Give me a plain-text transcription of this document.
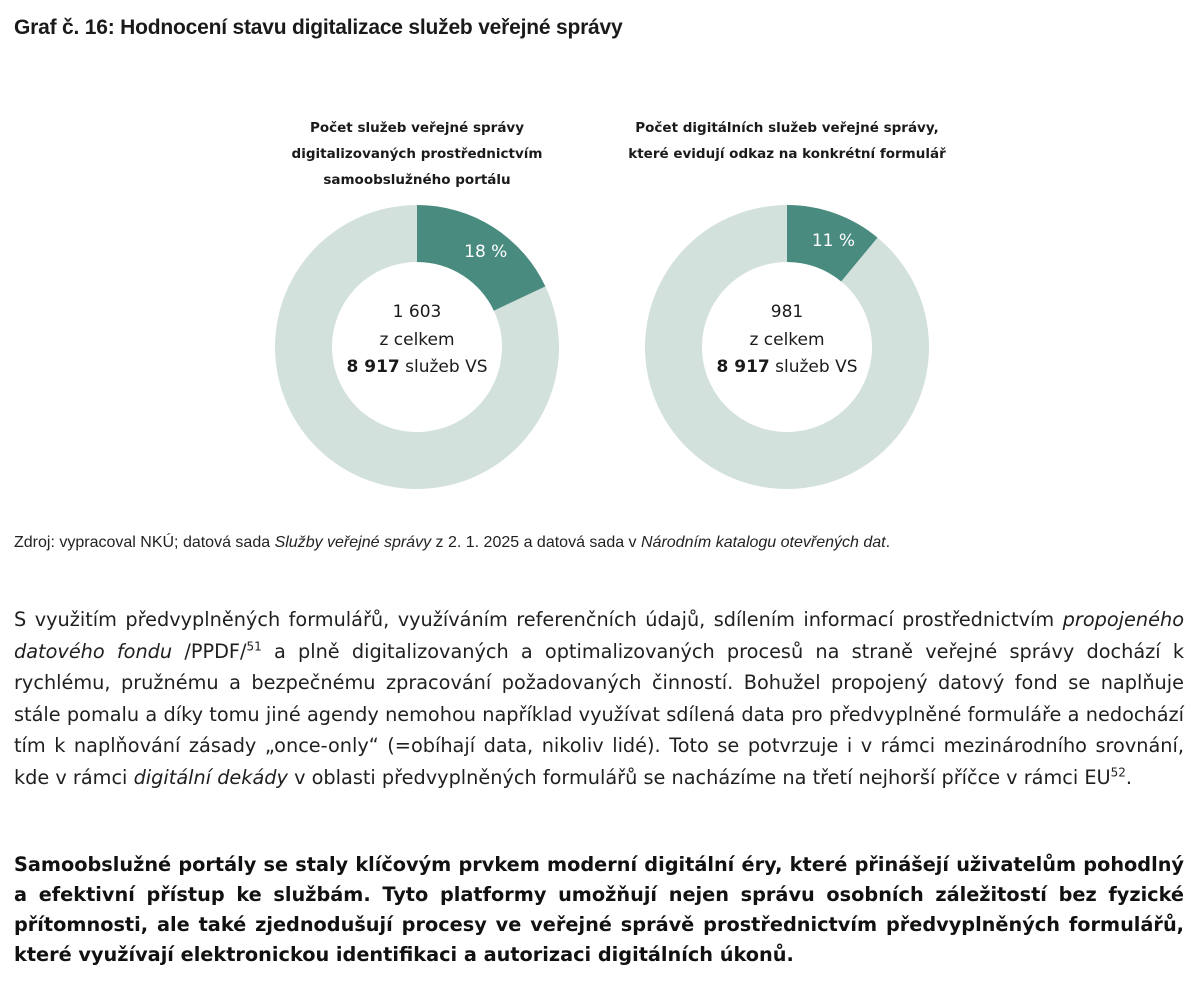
Graf č. 16: Hodnocení stavu digitalizace služeb veřejné správy
Počet služeb veřejné správy
digitalizovaných prostřednictvím
samoobslužného portálu
18 %
1 603
z celkem
8 917 služeb VS
Počet digitálních služeb veřejné správy,
které evidují odkaz na konkrétní formulář
11 %
981
z celkem
8 917 služeb VS

Zdroj: vypracoval NKÚ; datová sada Služby veřejné správy z 2. 1. 2025 a datová sada v Národním katalogu otevřených dat.

S využitím předvyplněných formulářů, využíváním referenčních údajů, sdílením informací prostřednictvím propojeného datového fondu /PPDF/$^{51}$ a plně digitalizovaných a optimalizovaných procesů na straně veřejné správy dochází k rychlému, pružnému a bezpečnému zpracování požadovaných činností. Bohužel propojený datový fond se naplňuje stále pomalu a díky tomu jiné agendy nemohou například využívat sdílená data pro předvyplněné formuláře a nedochází tím k naplňování zásady „once-only“ (=obíhají data, nikoliv lidé). Toto se potvrzuje i v rámci mezinárodního srovnání, kde v rámci digitální dekády v oblasti předvyplněných formulářů se nacházíme na třetí nejhorší příčce v rámci EU$^{52}$.

Samoobslužné portály se staly klíčovým prvkem moderní digitální éry, které přinášejí uživatelům pohodlný a efektivní přístup ke službám. Tyto platformy umožňují nejen správu osobních záležitostí bez fyzické přítomnosti, ale také zjednodušují procesy ve veřejné správě prostřednictvím předvyplněných formulářů, které využívají elektronickou identifikaci a autorizaci digitálních úkonů.
